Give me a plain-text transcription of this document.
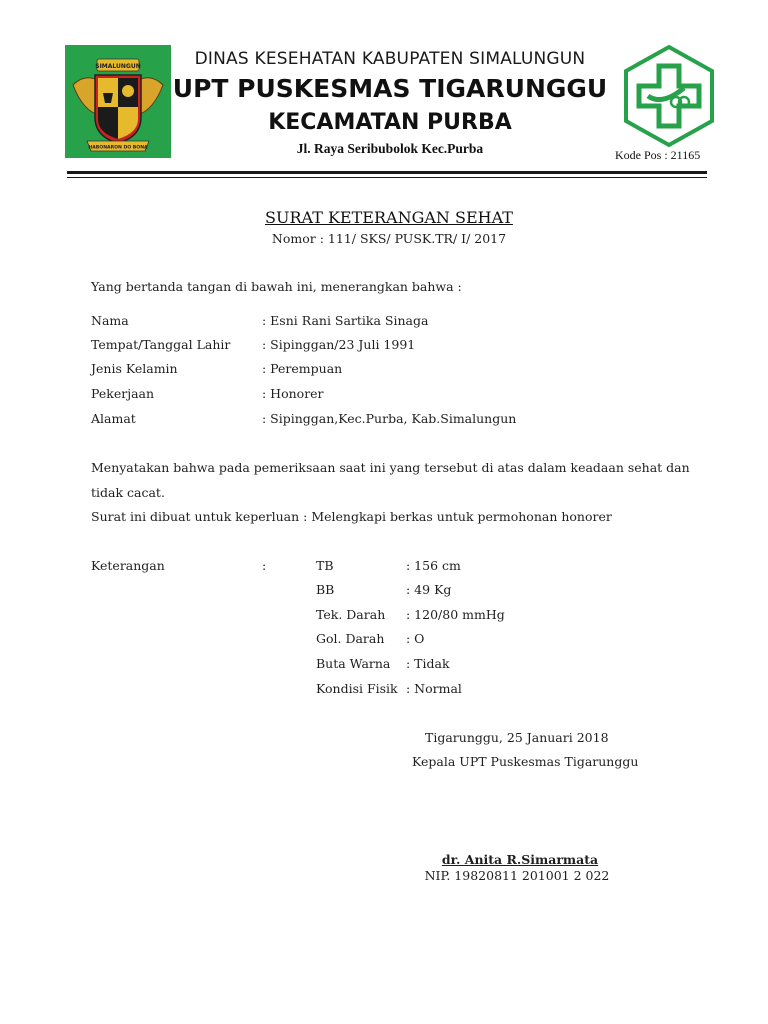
SIMALUNGUN
HABONARON DO BONA
DINAS KESEHATAN KABUPATEN SIMALUNGUN
UPT PUSKESMAS TIGARUNGGU
KECAMATAN PURBA
Jl. Raya Seribubolok Kec.Purba	Kode Pos : 21165
SURAT KETERANGAN SEHAT
Nomor : 111/ SKS/ PUSK.TR/ I/ 2017
Yang bertanda tangan di bawah ini, menerangkan bahwa :
Nama	: Esni Rani Sartika Sinaga
Tempat/Tanggal Lahir	: Sipinggan/23 Juli 1991
Jenis Kelamin	: Perempuan
Pekerjaan	: Honorer
Alamat	: Sipinggan,Kec.Purba, Kab.Simalungun
Menyatakan bahwa pada pemeriksaan saat ini yang tersebut di atas dalam keadaan sehat dan
tidak cacat.
Surat ini dibuat untuk keperluan : Melengkapi berkas untuk permohonan honorer
Keterangan	:	TB	: 156 cm
BB	: 49 Kg
Tek. Darah : 120/80 mmHg
Gol. Darah : O
Buta Warna : Tidak
Kondisi Fisik : Normal
Tigarunggu, 25 Januari 2018
Kepala UPT Puskesmas Tigarunggu
dr. Anita R.Simarmata
NIP. 19820811 201001 2 022
